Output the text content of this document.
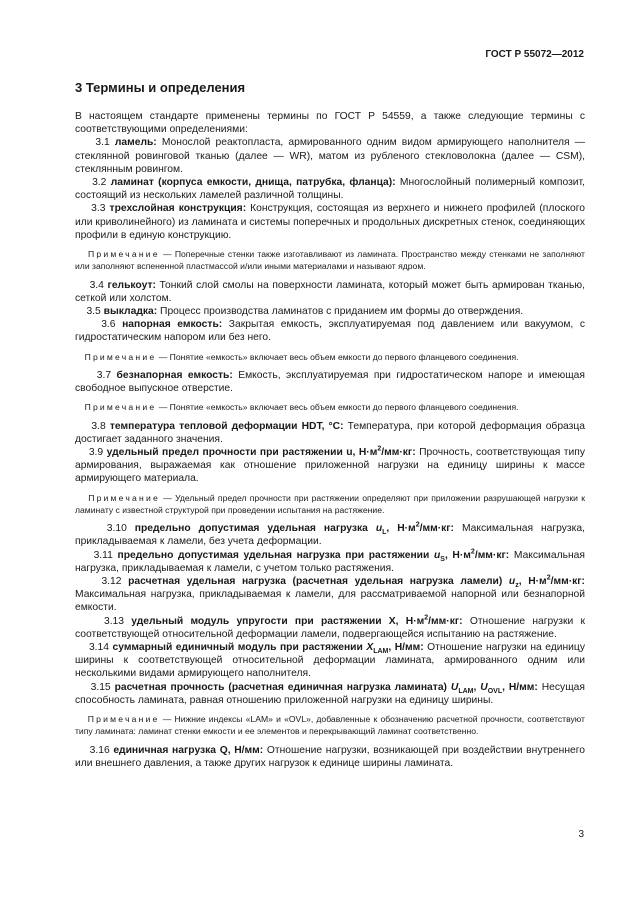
ГОСТ Р 55072—2012
3 Термины и определения

В настоящем стандарте применены термины по ГОСТ Р 54559, а также следующие термины с соответствующими определениями:

3.1 ламель: Монослой реактопласта, армированного одним видом армирующего наполнителя — стеклянной ровинговой тканью (далее — WR), матом из рубленого стекловолокна (далее — CSM), стеклянным ровингом.

3.2 ламинат (корпуса емкости, днища, патрубка, фланца): Многослойный полимерный композит, состоящий из нескольких ламелей различной толщины.

3.3 трехслойная конструкция: Конструкция, состоящая из верхнего и нижнего профилей (плоского или криволинейного) из ламината и системы поперечных и продольных дискретных стенок, соединяющих профили в единую конструкцию.

Примечание — Поперечные стенки также изготавливают из ламината. Пространство между стенками не заполняют или заполняют вспененной пластмассой и/или иными материалами и называют ядром.

3.4 гелькоут: Тонкий слой смолы на поверхности ламината, который может быть армирован тканью, сеткой или холстом.

3.5 выкладка: Процесс производства ламинатов с приданием им формы до отверждения.

3.6 напорная емкость: Закрытая емкость, эксплуатируемая под давлением или вакуумом, с гидростатическим напором или без него.

Примечание — Понятие «емкость» включает весь объем емкости до первого фланцевого соединения.

3.7 безнапорная емкость: Емкость, эксплуатируемая при гидростатическом напоре и имеющая свободное выпускное отверстие.

Примечание — Понятие «емкость» включает весь объем емкости до первого фланцевого соединения.

3.8 температура тепловой деформации HDT, °С: Температура, при которой деформация образца достигает заданного значения.

3.9 удельный предел прочности при растяжении u, $Н\cdot м^2/мм\cdot кг$: Прочность, соответствующая типу армирования, выражаемая как отношение приложенной нагрузки на единицу ширины к массе армирующего материала.

Примечание — Удельный предел прочности при растяжении определяют при приложении разрушающей нагрузки к ламинату с известной структурой при проведении испытания на растяжение.

3.10 предельно допустимая удельная нагрузка $u_L$, $Н\cdot м^2/мм\cdot кг$: Максимальная нагрузка, прикладываемая к ламели, без учета деформации.

3.11 предельно допустимая удельная нагрузка при растяжении $u_S$, $Н\cdot м^2/мм\cdot кг$: Максимальная нагрузка, прикладываемая к ламели, с учетом только растяжения.

3.12 расчетная удельная нагрузка (расчетная удельная нагрузка ламели) $u_z$, $Н\cdot м^2/мм\cdot кг$: Максимальная нагрузка, прикладываемая к ламели, для рассматриваемой напорной или безнапорной емкости.

3.13 удельный модуль упругости при растяжении X, $Н\cdot м^2/мм\cdot кг$: Отношение нагрузки к соответствующей относительной деформации ламели, подвергающейся испытанию на растяжение.

3.14 суммарный единичный модуль при растяжении $X_{LAM}$, Н/мм: Отношение нагрузки на единицу ширины к соответствующей относительной деформации ламината, армированного одним или несколькими видами армирующего наполнителя.

3.15 расчетная прочность (расчетная единичная нагрузка ламината) $U_{LAM}$, $U_{OVL}$, Н/мм: Несущая способность ламината, равная отношению приложенной нагрузки на единицу ширины.

Примечание — Нижние индексы «LAM» и «OVL», добавленные к обозначению расчетной прочности, соответствуют типу ламината: ламинат стенки емкости и ее элементов и перекрывающий ламинат соответственно.

3.16 единичная нагрузка Q, Н/мм: Отношение нагрузки, возникающей при воздействии внутреннего или внешнего давления, а также других нагрузок к единице ширины ламината.

3
